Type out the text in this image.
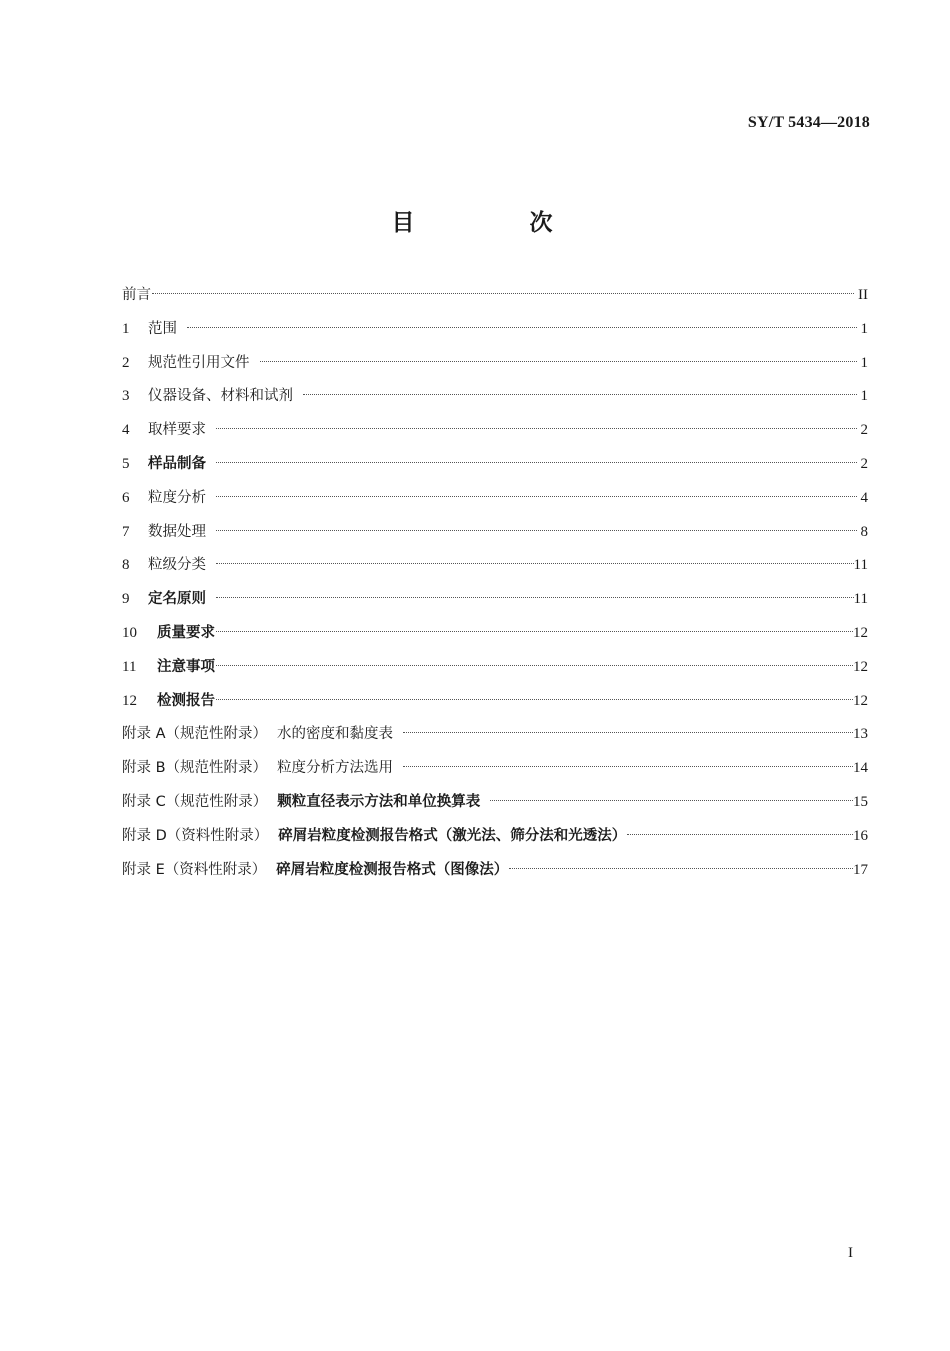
SY/T 5434—2018
目　次
前言	II
1	范围	1
2	规范性引用文件	1
3	仪器设备、材料和试剂	1
4	取样要求	2
5	样品制备	2
6	粒度分析	4
7	数据处理	8
8	粒级分类	11
9	定名原则	11
10	质量要求	12
11	注意事项	12
12	检测报告	12
附录 A（规范性附录） 水的密度和黏度表	13
附录 B（规范性附录） 粒度分析方法选用	14
附录 C（规范性附录） 颗粒直径表示方法和单位换算表	15
附录 D（资料性附录） 碎屑岩粒度检测报告格式（激光法、筛分法和光透法）	16
附录 E（资料性附录） 碎屑岩粒度检测报告格式（图像法）	17
I
